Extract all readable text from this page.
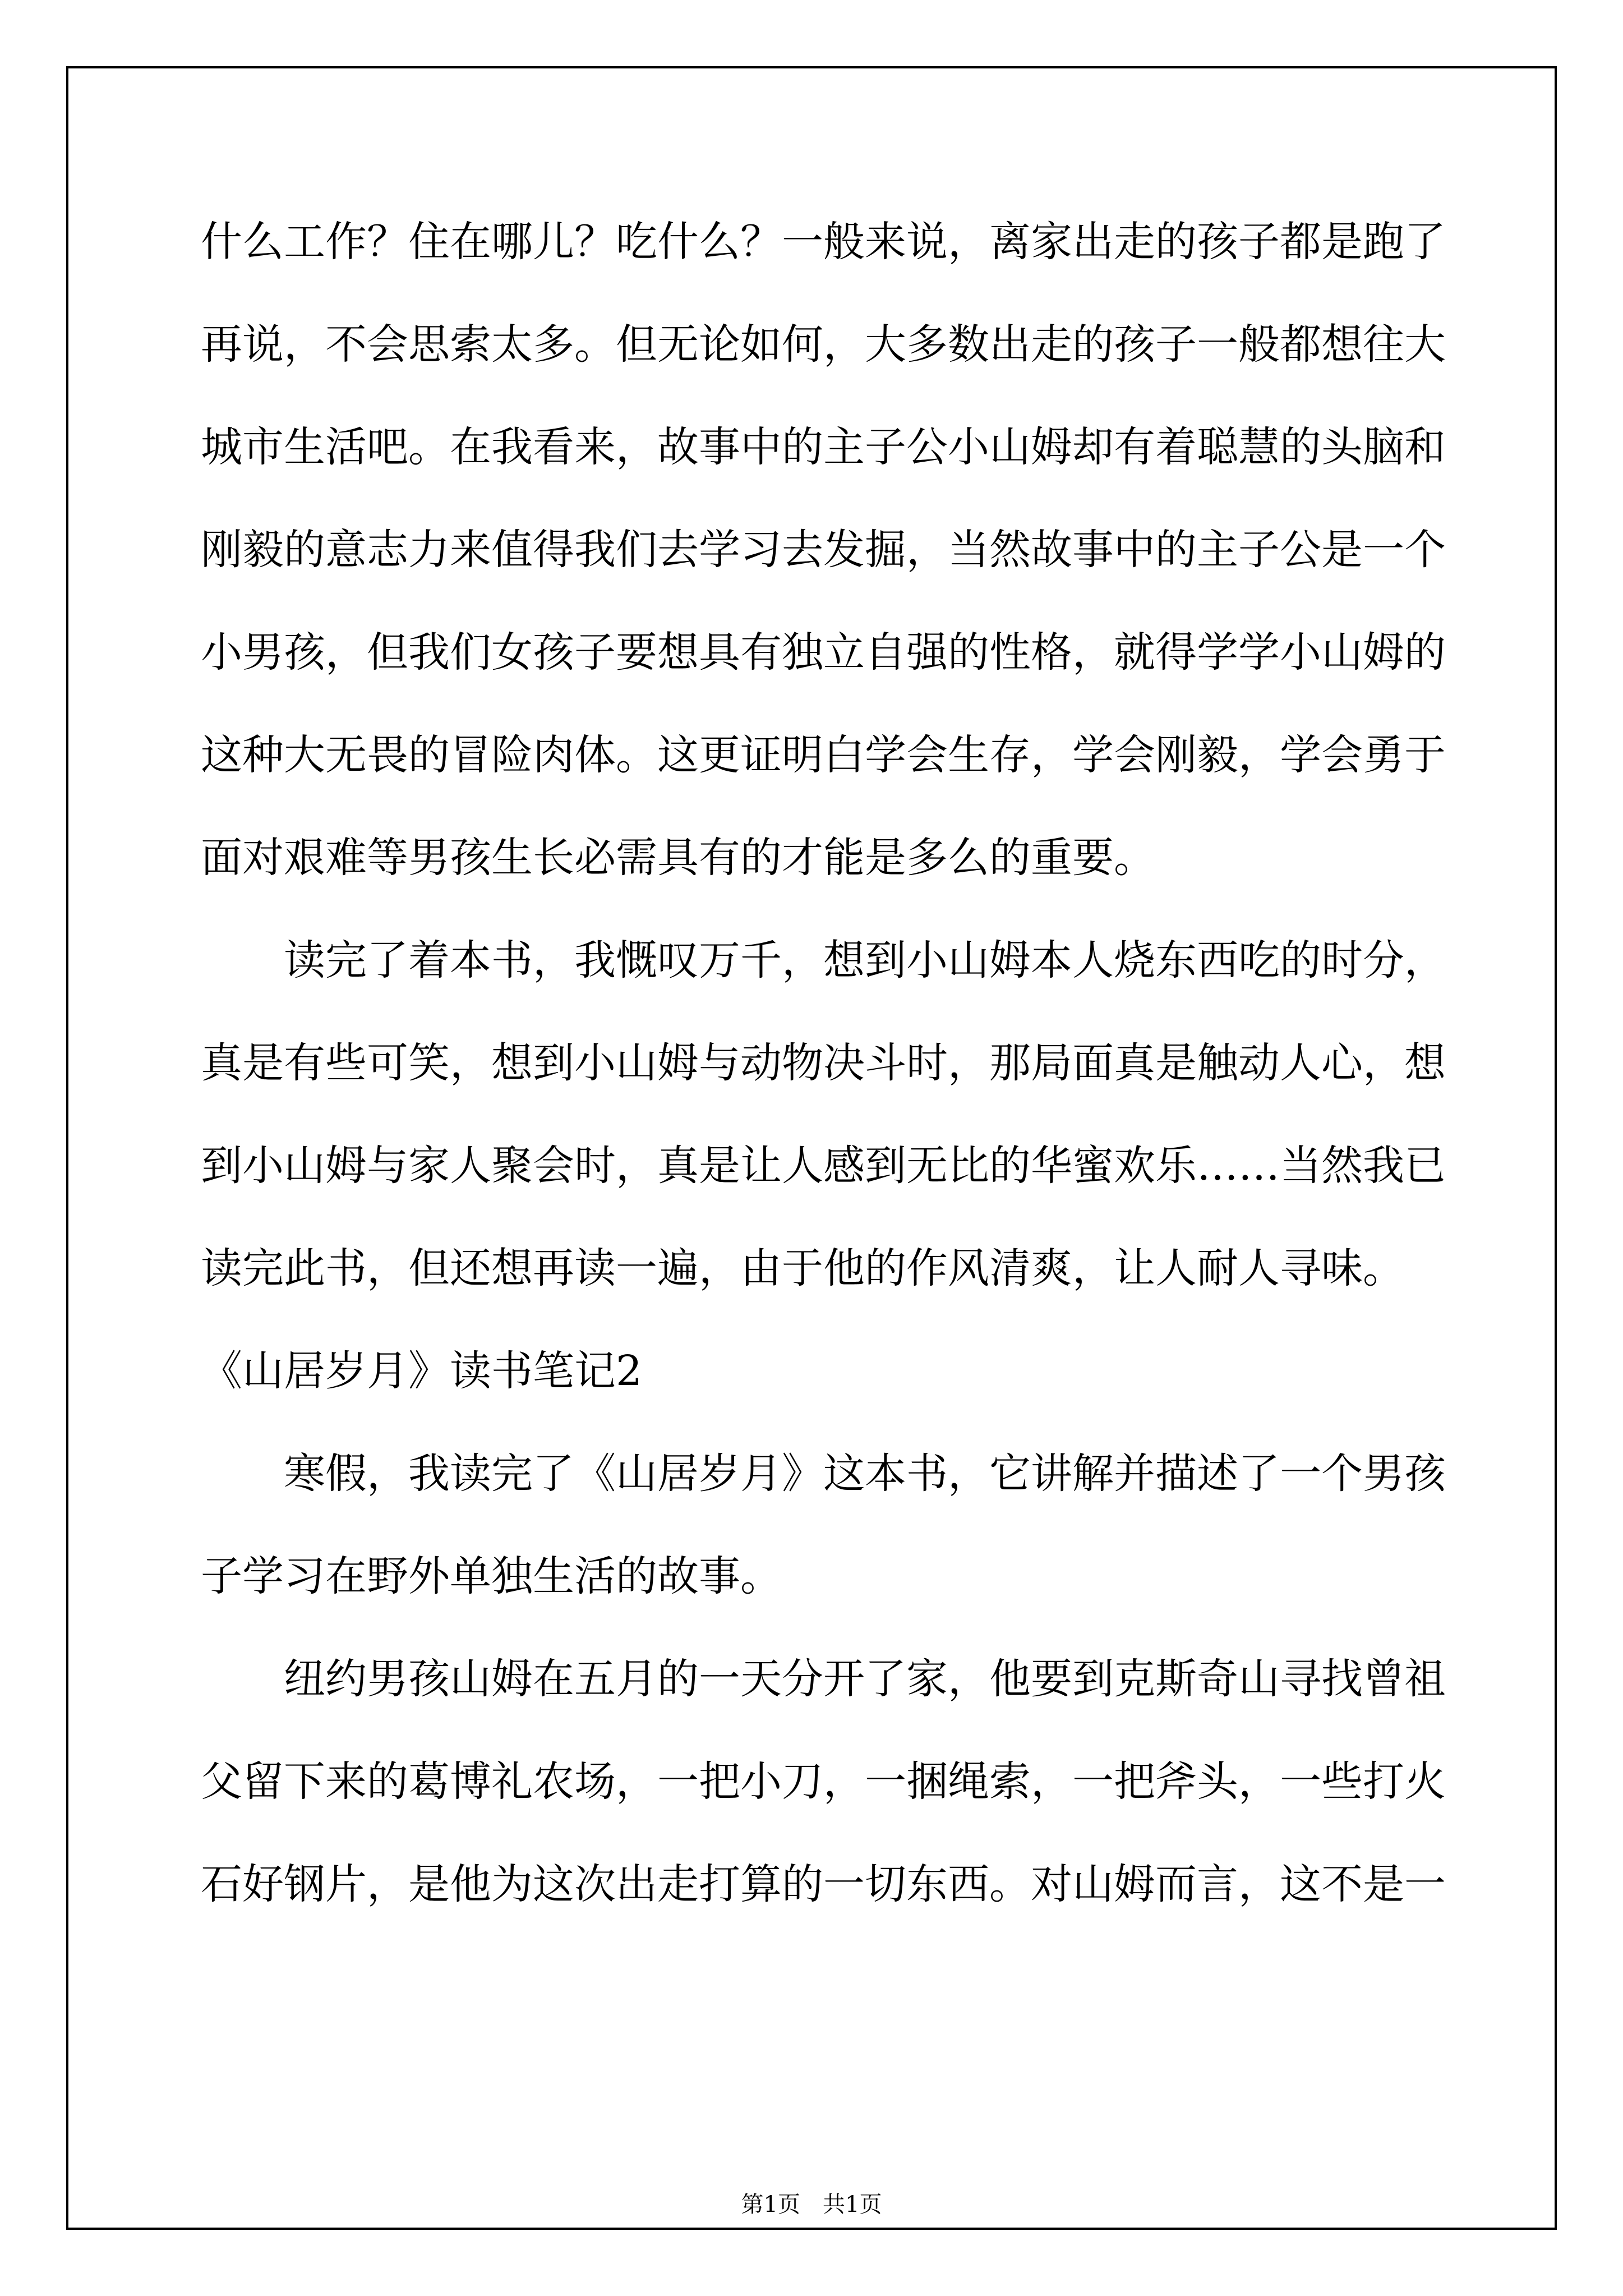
什么工作？住在哪儿？吃什么？一般来说，离家出走的孩子都是跑了
再说，不会思索太多。但无论如何，大多数出走的孩子一般都想往大
城市生活吧。在我看来，故事中的主子公小山姆却有着聪慧的头脑和
刚毅的意志力来值得我们去学习去发掘，当然故事中的主子公是一个
小男孩，但我们女孩子要想具有独立自强的性格，就得学学小山姆的
这种大无畏的冒险肉体。这更证明白学会生存，学会刚毅，学会勇于
面对艰难等男孩生长必需具有的才能是多么的重要。
读完了着本书，我慨叹万千，想到小山姆本人烧东西吃的时分，
真是有些可笑，想到小山姆与动物决斗时，那局面真是触动人心，想
到小山姆与家人聚会时，真是让人感到无比的华蜜欢乐……当然我已
读完此书，但还想再读一遍，由于他的作风清爽，让人耐人寻味。
《山居岁月》读书笔记2
寒假，我读完了《山居岁月》这本书，它讲解并描述了一个男孩
子学习在野外单独生活的故事。
纽约男孩山姆在五月的一天分开了家，他要到克斯奇山寻找曾祖
父留下来的葛博礼农场，一把小刀，一捆绳索，一把斧头，一些打火
石好钢片，是他为这次出走打算的一切东西。对山姆而言，这不是一
第1页 共1页
